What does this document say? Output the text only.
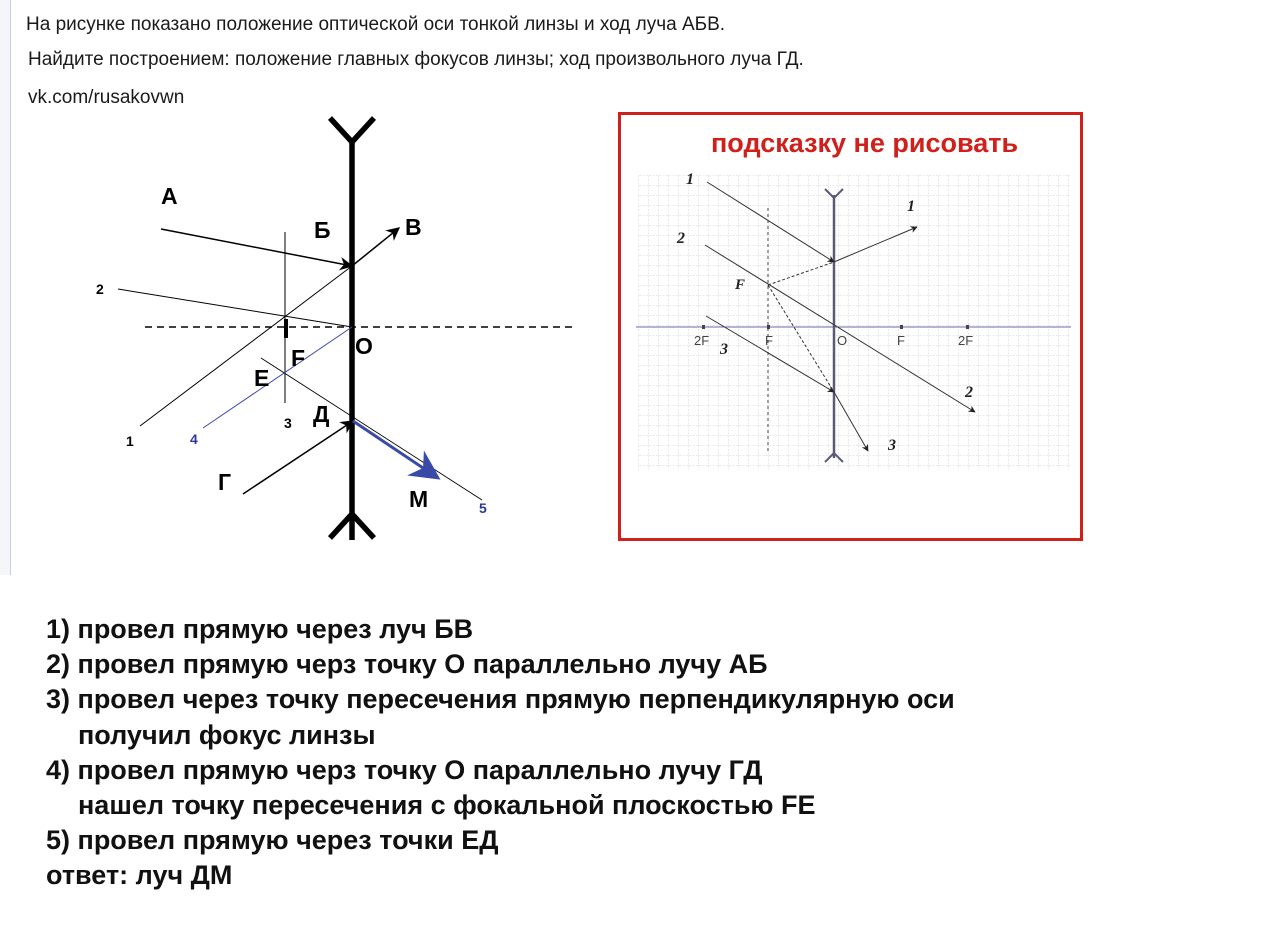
На рисунке показано положение оптической оси тонкой линзы и ход луча АБВ.
Найдите построением: положение главных фокусов линзы; ход произвольного луча ГД.
vk.com/rusakovwn
А
Б	В
О
F
Е
Д
Г
М
1
2
3
4
5
подсказку не рисовать
2F	F	O	F	2F
1
1
2
2
3
3
F
1) провел прямую через луч БВ
2) провел прямую черз точку О параллельно лучу АБ
3) провел через точку пересечения прямую перпендикулярную оси
получил фокус линзы
4) провел прямую черз точку О параллельно лучу ГД
нашел точку пересечения с фокальной плоскостью FE
5) провел прямую через точки ЕД
ответ: луч ДМ
